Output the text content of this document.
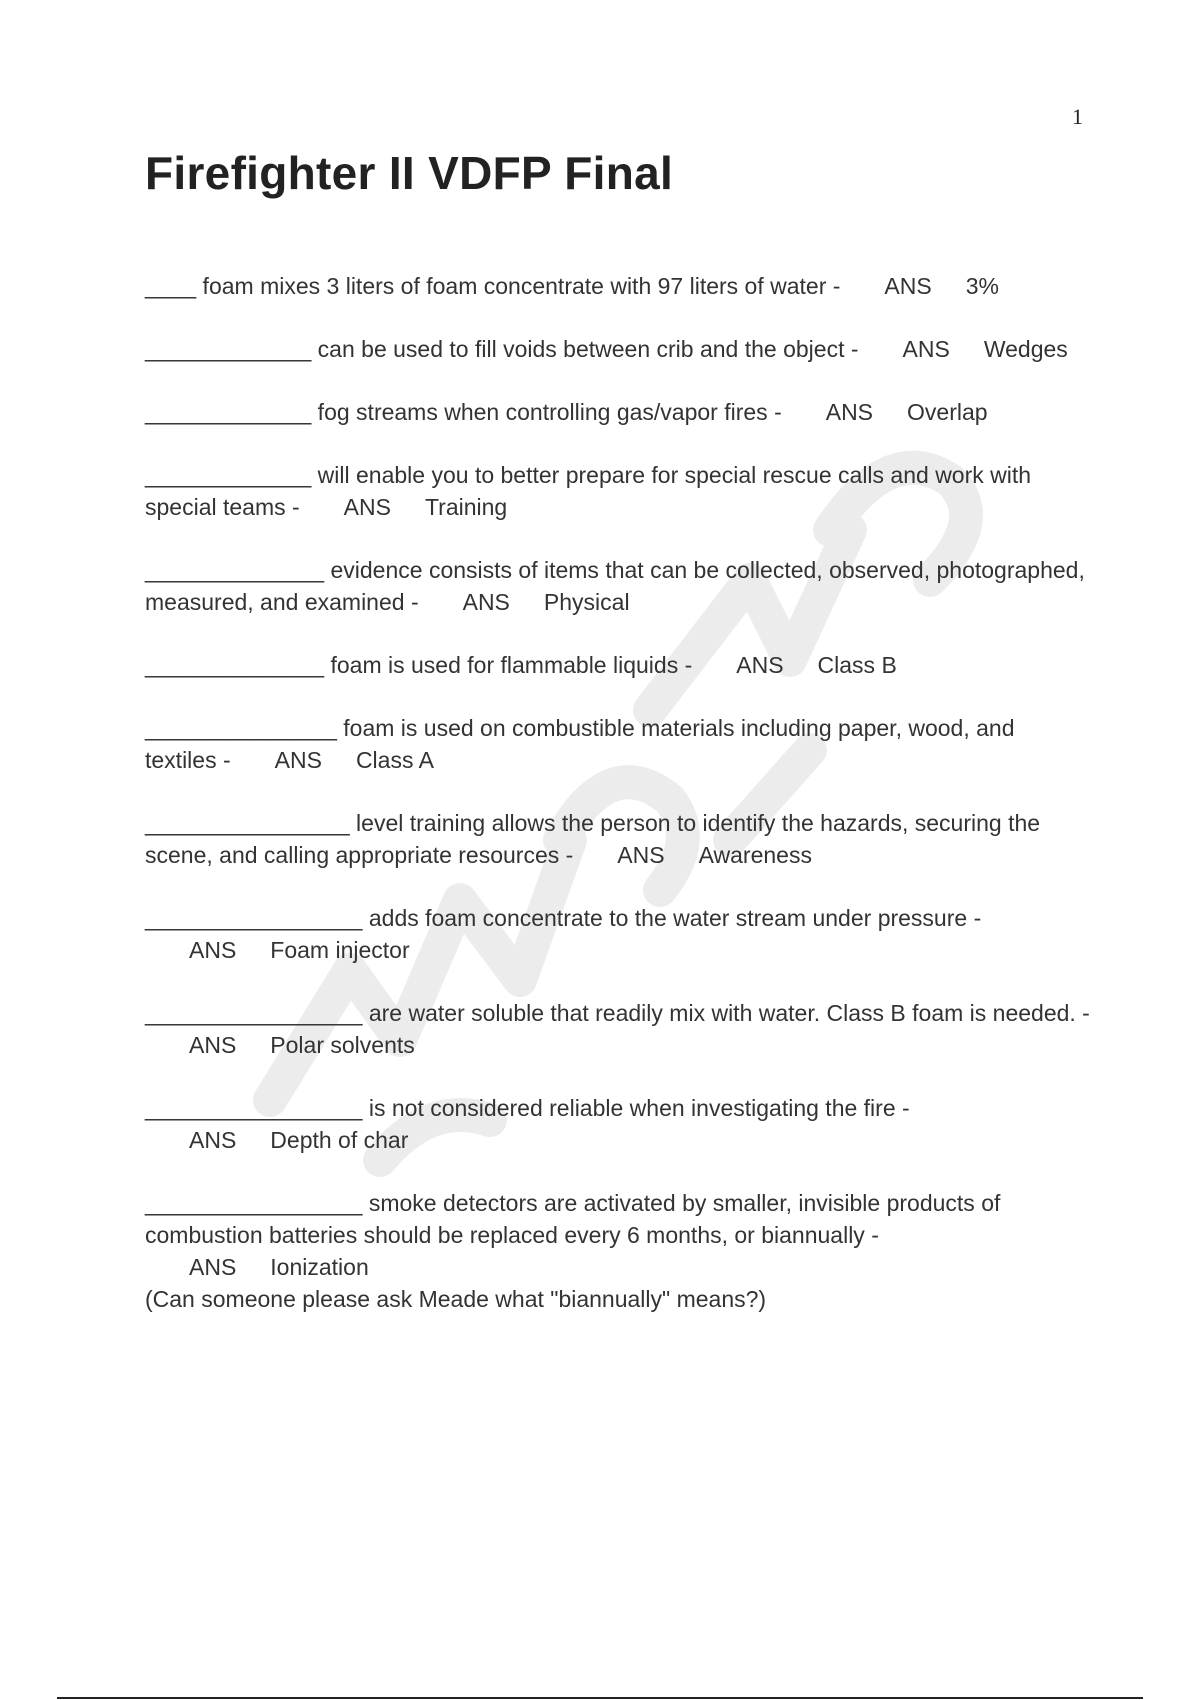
1
Firefighter II VDFP Final
____ foam mixes 3 liters of foam concentrate with 97 liters of water - ANS 3%
_____________ can be used to fill voids between crib and the object - ANS Wedges
_____________ fog streams when controlling gas/vapor fires - ANS Overlap
_____________ will enable you to better prepare for special rescue calls and work with special teams - ANS Training
______________ evidence consists of items that can be collected, observed, photographed, measured, and examined - ANS Physical
______________ foam is used for flammable liquids - ANS Class B
_______________ foam is used on combustible materials including paper, wood, and textiles - ANS Class A
________________ level training allows the person to identify the hazards, securing the scene, and calling appropriate resources - ANS Awareness
_________________ adds foam concentrate to the water stream under pressure -ANS Foam injector
_________________ are water soluble that readily mix with water. Class B foam is needed. -ANS Polar solvents
_________________ is not considered reliable when investigating the fire -ANS Depth of char
_________________ smoke detectors are activated by smaller, invisible products of combustion batteries should be replaced every 6 months, or biannually -ANS Ionization
(Can someone please ask Meade what "biannually" means?)
